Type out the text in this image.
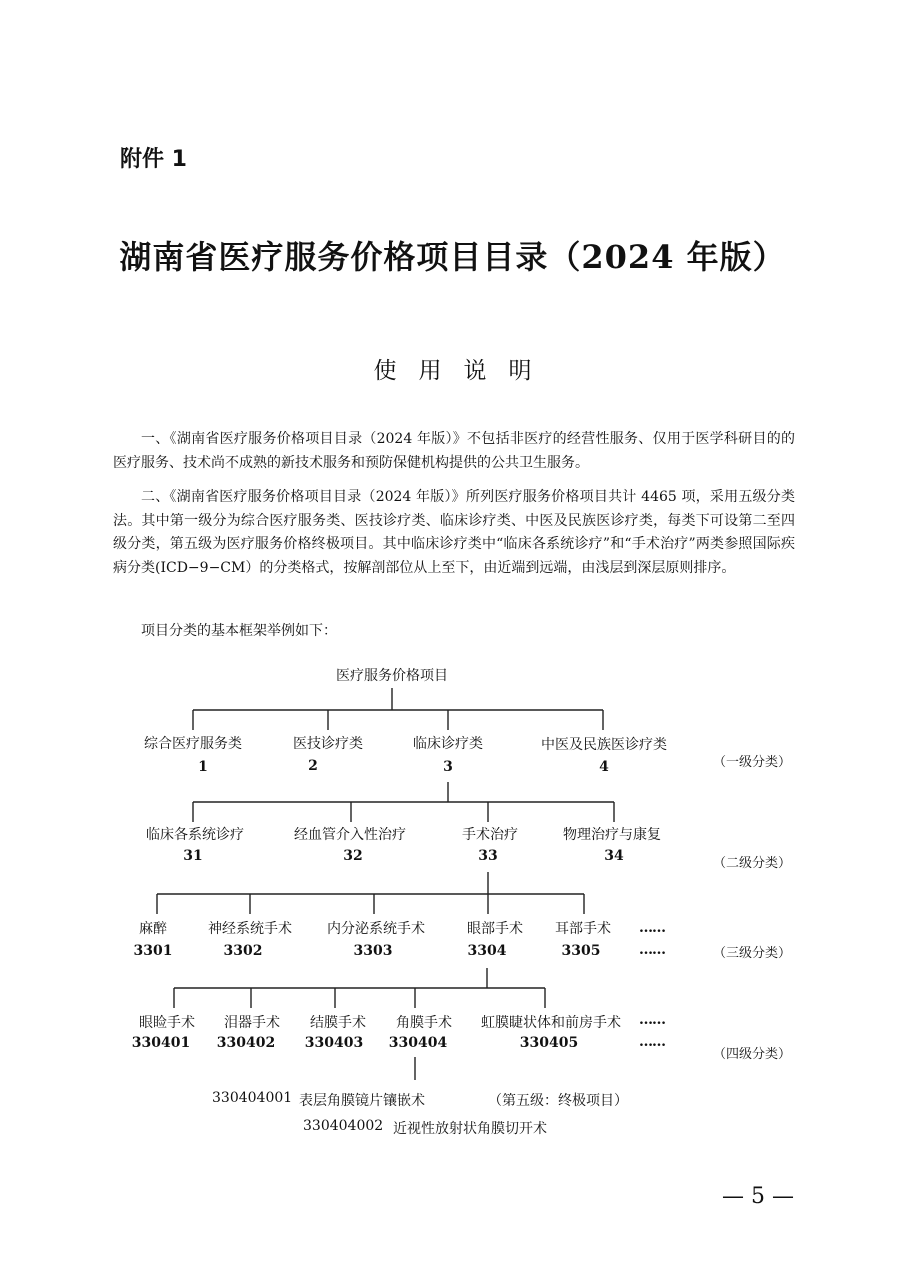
附件 1
湖南省医疗服务价格项目目录（2024 年版）
使用说明

一、《湖南省医疗服务价格项目目录（2024 年版）》不包括非医疗的经营性服务、仅用于医学科研目的的医疗服务、技术尚不成熟的新技术服务和预防保健机构提供的公共卫生服务。

二、《湖南省医疗服务价格项目目录（2024 年版）》所列医疗服务价格项目共计 4465 项，采用五级分类法。其中第一级分为综合医疗服务类、医技诊疗类、临床诊疗类、中医及民族医诊疗类，每类下可设第二至四级分类，第五级为医疗服务价格终极项目。其中临床诊疗类中“临床各系统诊疗”和“手术治疗”两类参照国际疾病分类(ICD−9−CM）的分类格式，按解剖部位从上至下，由近端到远端，由浅层到深层原则排序。

项目分类的基本框架举例如下：

医疗服务价格项目
综合医疗服务类
1
医技诊疗类
2
临床诊疗类
3
中医及民族医诊疗类
4	（一级分类）
临床各系统诊疗
31
经血管介入性治疗
32
手术治疗
33
物理治疗与康复
34	（二级分类）
麻醉
3301
神经系统手术
3302
内分泌系统手术
3303
眼部手术
3304
耳部手术
3305
……
……	（三级分类）
眼睑手术
330401
泪器手术
330402
结膜手术
330403
角膜手术
330404
虹膜睫状体和前房手术
330405
……
……
（四级分类）
330404001 表层角膜镜片镶嵌术	（第五级：终极项目）
330404002 近视性放射状角膜切开术
— 5 —
